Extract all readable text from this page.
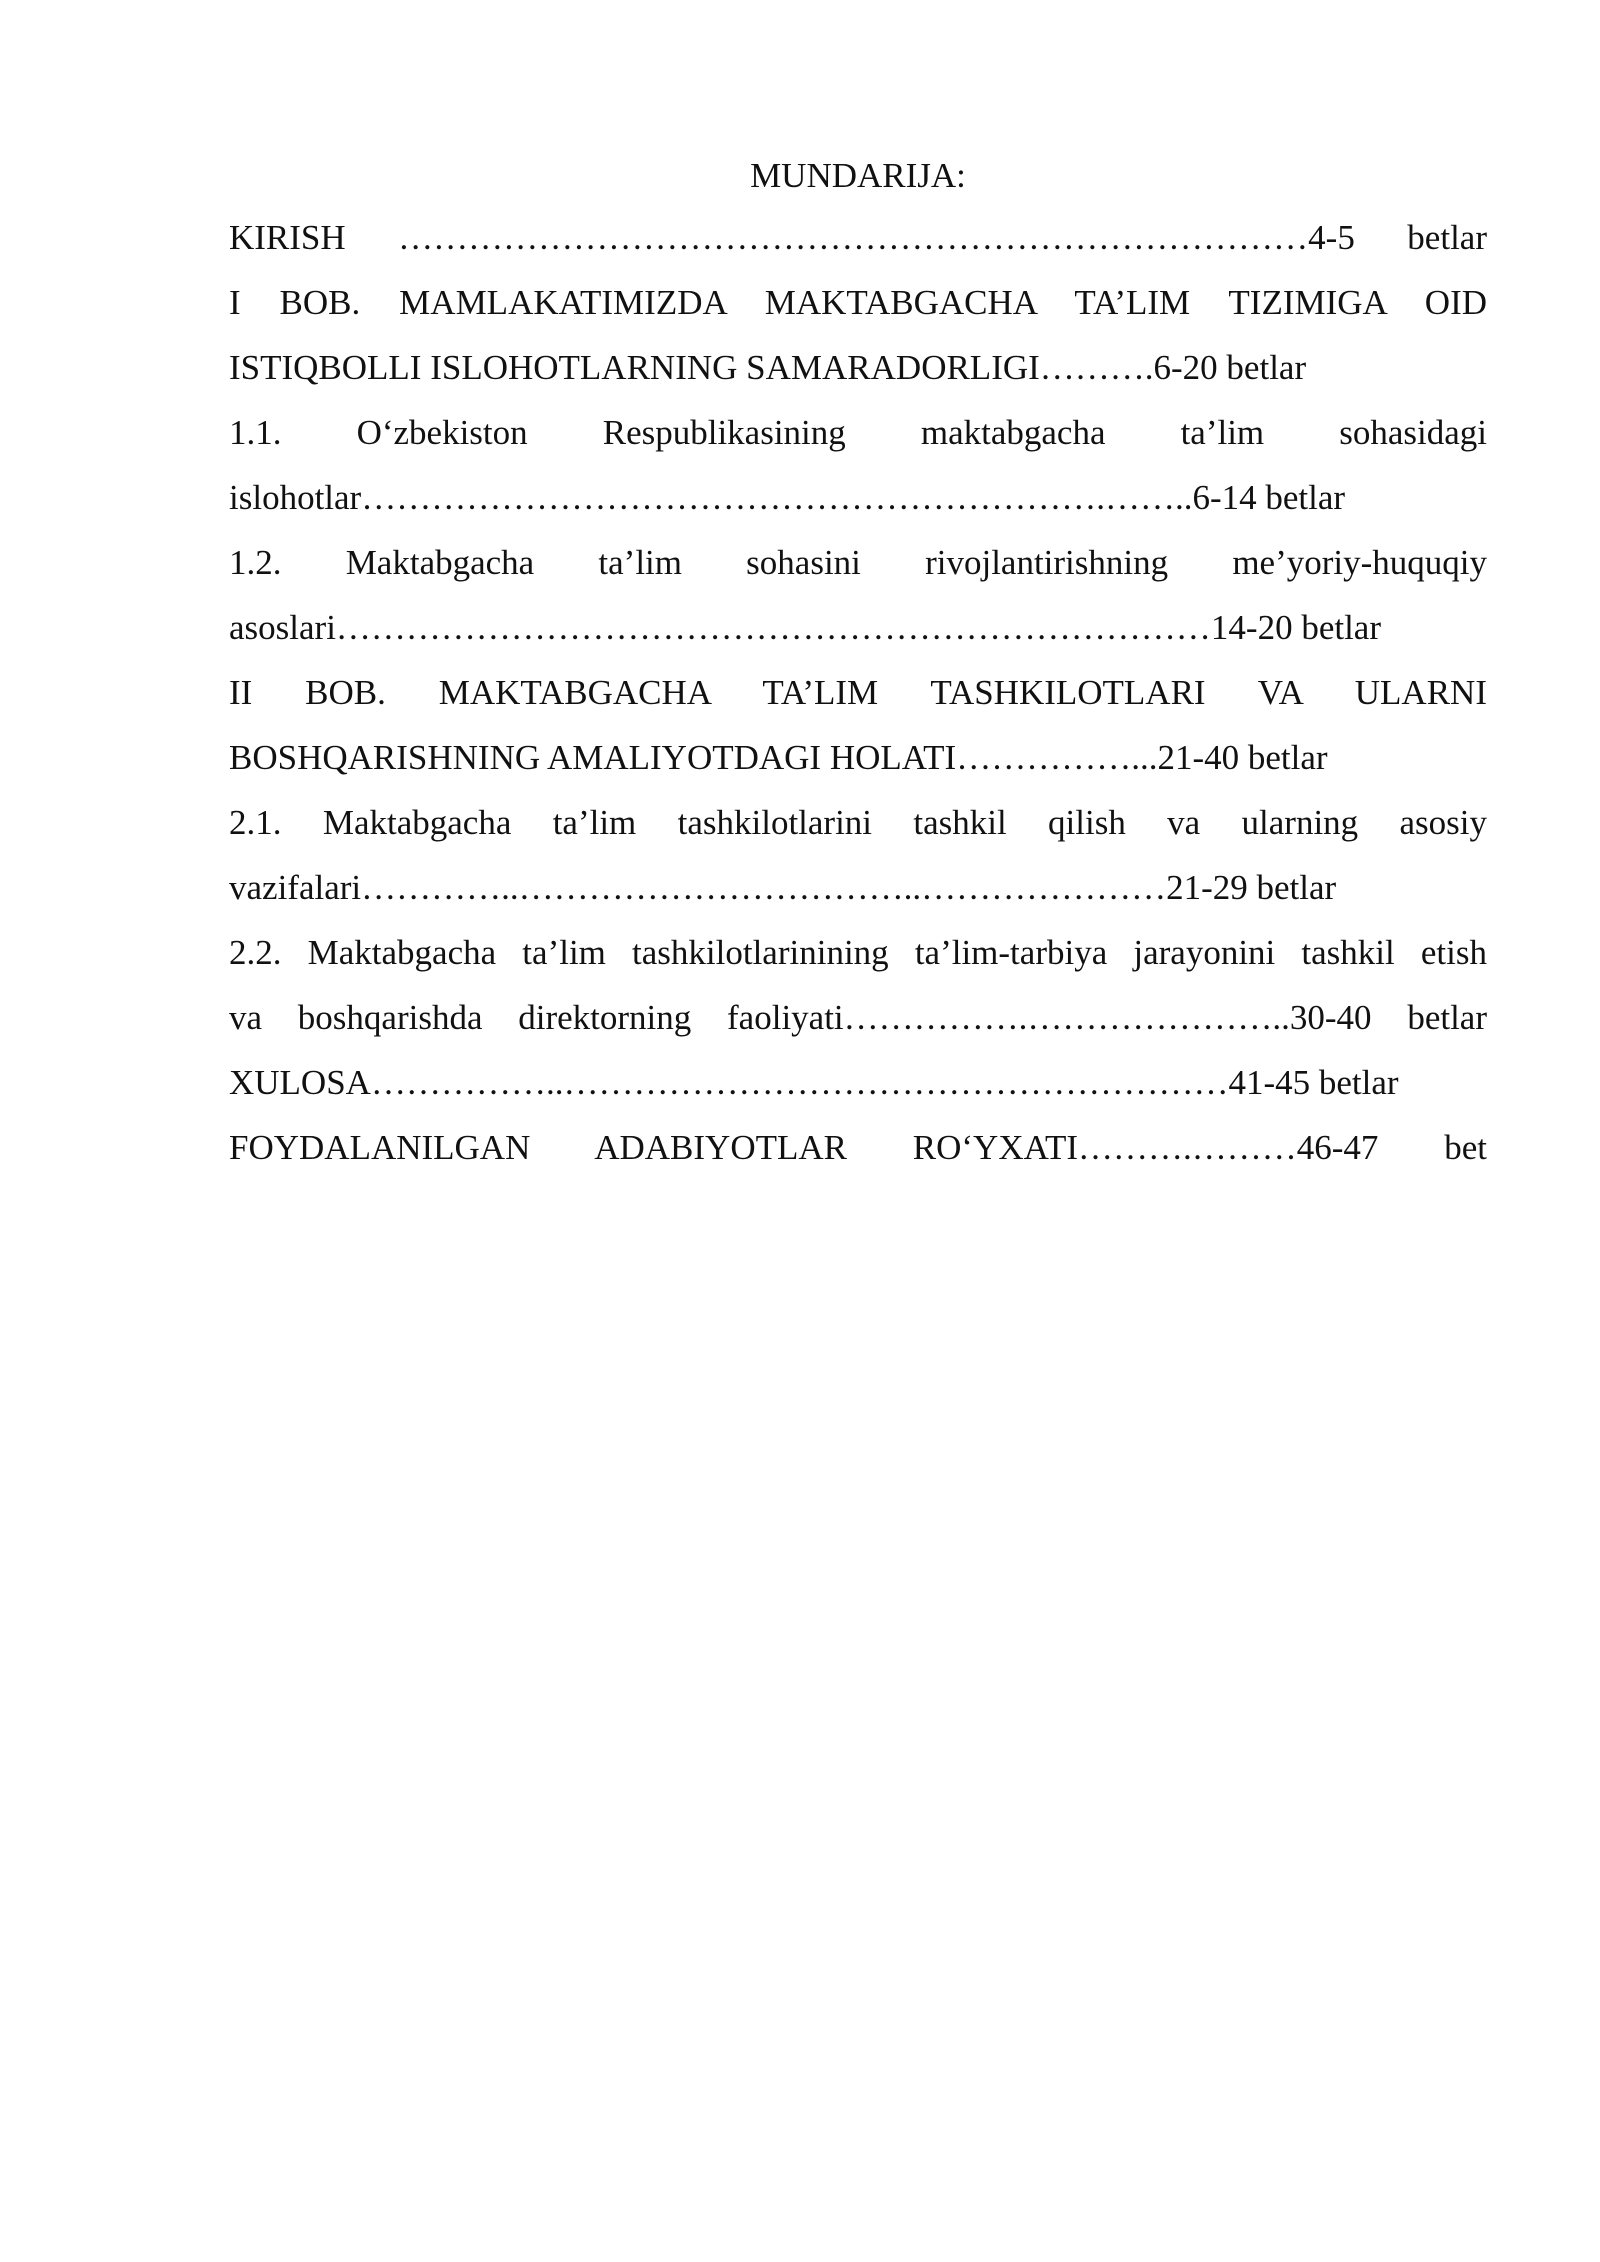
MUNDARIJA:

KIRISH ……………………………………………………………………4-5 betlar

I BOB. MAMLAKATIMIZDA MAKTABGACHA TA’LIM TIZIMIGA OID

ISTIQBOLLI ISLOHOTLARNING SAMARADORLIGI……….6-20 betlar

1.1. O‘zbekiston Respublikasining maktabgacha ta’lim sohasidagi

islohotlar……………………………………………………….……..6-14 betlar

1.2. Maktabgacha ta’lim sohasini rivojlantirishning me’yoriy-huquqiy

asoslari…………………………………………………………………14-20 betlar

II BOB. MAKTABGACHA TA’LIM TASHKILOTLARI VA ULARNI

BOSHQARISHNING AMALIYOTDAGI HOLATI……………...21-40 betlar

2.1. Maktabgacha ta’lim tashkilotlarini tashkil qilish va ularning asosiy

vazifalari…………..……………………………..…………………21-29 betlar

2.2. Maktabgacha ta’lim tashkilotlarinining ta’lim-tarbiya jarayonini tashkil etish

va boshqarishda direktorning faoliyati…………….…………………..30-40 betlar

XULOSA……………..…………………………………………………41-45 betlar

FOYDALANILGAN ADABIYOTLAR RO‘YXATI……….………46-47 bet
